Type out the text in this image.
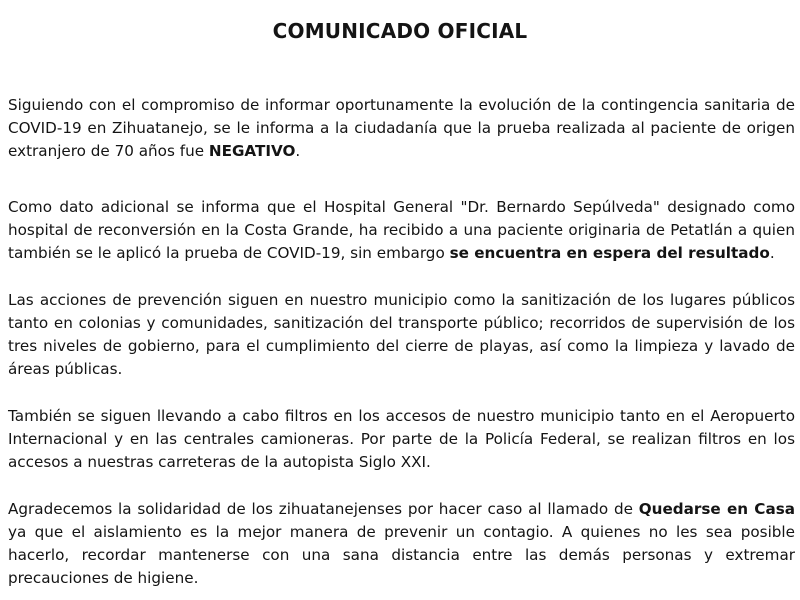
COMUNICADO OFICIAL

Siguiendo con el compromiso de informar oportunamente la evolución de la contingencia sanitaria de COVID-19 en Zihuatanejo, se le informa a la ciudadanía que la prueba realizada al paciente de origen extranjero de 70 años fue NEGATIVO.

Como dato adicional se informa que el Hospital General "Dr. Bernardo Sepúlveda" designado como hospital de reconversión en la Costa Grande, ha recibido a una paciente originaria de Petatlán a quien también se le aplicó la prueba de COVID-19, sin embargo se encuentra en espera del resultado.

Las acciones de prevención siguen en nuestro municipio como la sanitización de los lugares públicos tanto en colonias y comunidades, sanitización del transporte público; recorridos de supervisión de los tres niveles de gobierno, para el cumplimiento del cierre de playas, así como la limpieza y lavado de áreas públicas.

También se siguen llevando a cabo filtros en los accesos de nuestro municipio tanto en el Aeropuerto Internacional y en las centrales camioneras. Por parte de la Policía Federal, se realizan filtros en los accesos a nuestras carreteras de la autopista Siglo XXI.

Agradecemos la solidaridad de los zihuatanejenses por hacer caso al llamado de Quedarse en Casa ya que el aislamiento es la mejor manera de prevenir un contagio. A quienes no les sea posible hacerlo, recordar mantenerse con una sana distancia entre las demás personas y extremar precauciones de higiene.
